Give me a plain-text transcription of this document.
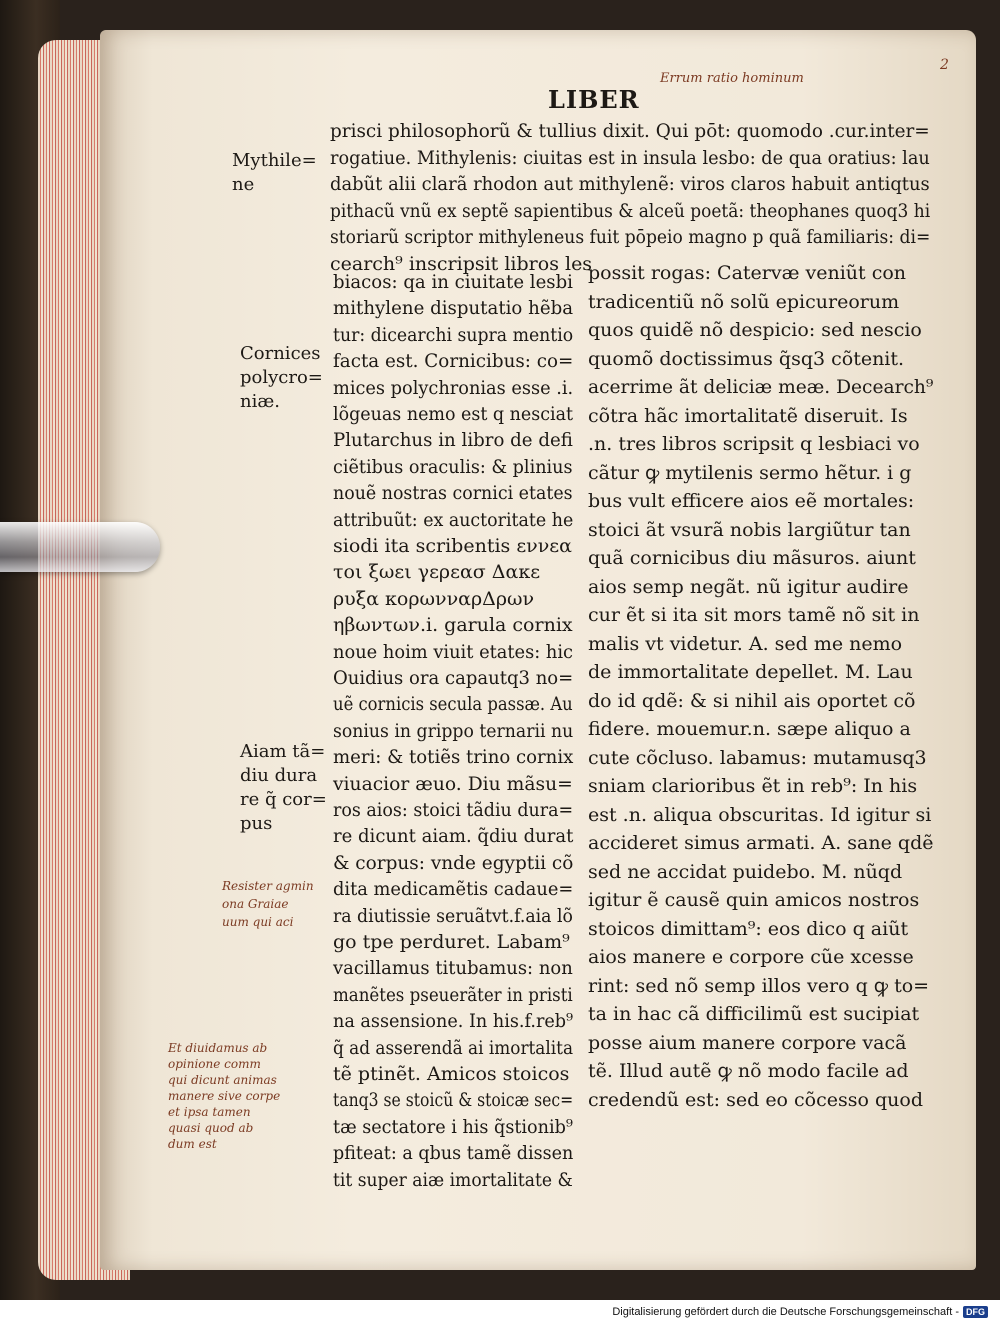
LIBER
Errum ratio hominum
2
prisci philosophorũ & tullius dixit. Qui pōt: quomodo .cur.inter=
rogatiue. Mithylenis: ciuitas est in insula lesbo: de qua oratius: lau
dabũt alii clarã rhodon aut mithylenẽ: viros claros habuit antiqtus
pithacũ vnũ ex septẽ sapientibus & alceũ poetã: theophanes quoq3 hi
storiarũ scriptor mithyleneus fuit pōpeio magno p quã familiaris: di=
cearch⁹ inscripsit libros les
biacos: qa in ciuitate lesbi
mithylene disputatio hẽba
tur: dicearchi supra mentio
facta est. Cornicibus: co=
mices polychronias esse .i.
lõgeuas nemo est q nesciat
Plutarchus in libro de defi
ciẽtibus oraculis: & plinius
nouẽ nostras cornici etates
attribuũt: ex auctoritate he
siodi ita scribentis εννεα
τοι ξωει γερεασ Δακε
ρυξα κορωνναρΔρων
ηβωντων.i. garula cornix
noue hoim viuit etates: hic
Ouidius ora capautq3 no=
uẽ cornicis secula passæ. Au
sonius in grippo ternarii nu
meri: & totiẽs trino cornix
viuacior æuo. Diu mãsu=
ros aios: stoici tãdiu dura=
re dicunt aiam. q̃diu durat
& corpus: vnde egyptii cõ
dita medicamẽtis cadaue=
ra diutissie seruãtvt.f.aia lõ
go tpe perduret. Labam⁹
vacillamus titubamus: non
manẽtes pseuerãter in pristi
na assensione. In his.f.reb⁹
q̃ ad asserendã ai imortalita
tẽ ptinẽt. Amicos stoicos
tanq3 se stoicũ & stoicæ sec=
tæ sectatore i his q̃stionib⁹
pfiteat: a qbus tamẽ dissen
tit super aiæ imortalitate &
possit rogas: Catervæ veniũt con
tradicentiũ nõ solũ epicureorum
quos quidẽ nõ despicio: sed nescio
quomõ doctissimus q̃sq3 cõtenit.
acerrime ãt deliciæ meæ. Decearch⁹
cõtra hãc imortalitatẽ diseruit. Is
.n. tres libros scripsit q lesbiaci vo
cãtur ꝙ mytilenis sermo hẽtur. i g
bus vult efficere aios eẽ mortales:
stoici ãt vsurã nobis largiũtur tan
quã cornicibus diu mãsuros. aiunt
aios semp negãt. nũ igitur audire
cur ẽt si ita sit mors tamẽ nõ sit in
malis vt videtur. A. sed me nemo
de immortalitate depellet. M. Lau
do id qdẽ: & si nihil ais oportet cõ
fidere. mouemur.n. sæpe aliquo a
cute cõcluso. labamus: mutamusq3
sniam clarioribus ẽt in reb⁹: In his
est .n. aliqua obscuritas. Id igitur si
accideret simus armati. A. sane qdẽ
sed ne accidat puidebo. M. nũqd
igitur ẽ causẽ quin amicos nostros
stoicos dimittam⁹: eos dico q aiũt
aios manere e corpore cũe xcesse
rint: sed nõ semp illos vero q ꝙ to=
ta in hac cã difficilimũ est sucipiat
posse aium manere corpore vacã
tẽ. Illud autẽ ꝙ nõ modo facile ad
credendũ est: sed eo cõcesso quod
Mythile=
ne
Cornices
polycro=
niæ.
Aiam tã=
diu dura
re q̃ cor=
pus
Resister agmin
ona Graiae
uum qui aci
Et diuidamus ab
opinione comm
qui dicunt animas
manere sive corpe
et ipsa tamen
quasi quod ab
dum est
Digitalisierung gefördert durch die Deutsche Forschungsgemeinschaft - DFG
